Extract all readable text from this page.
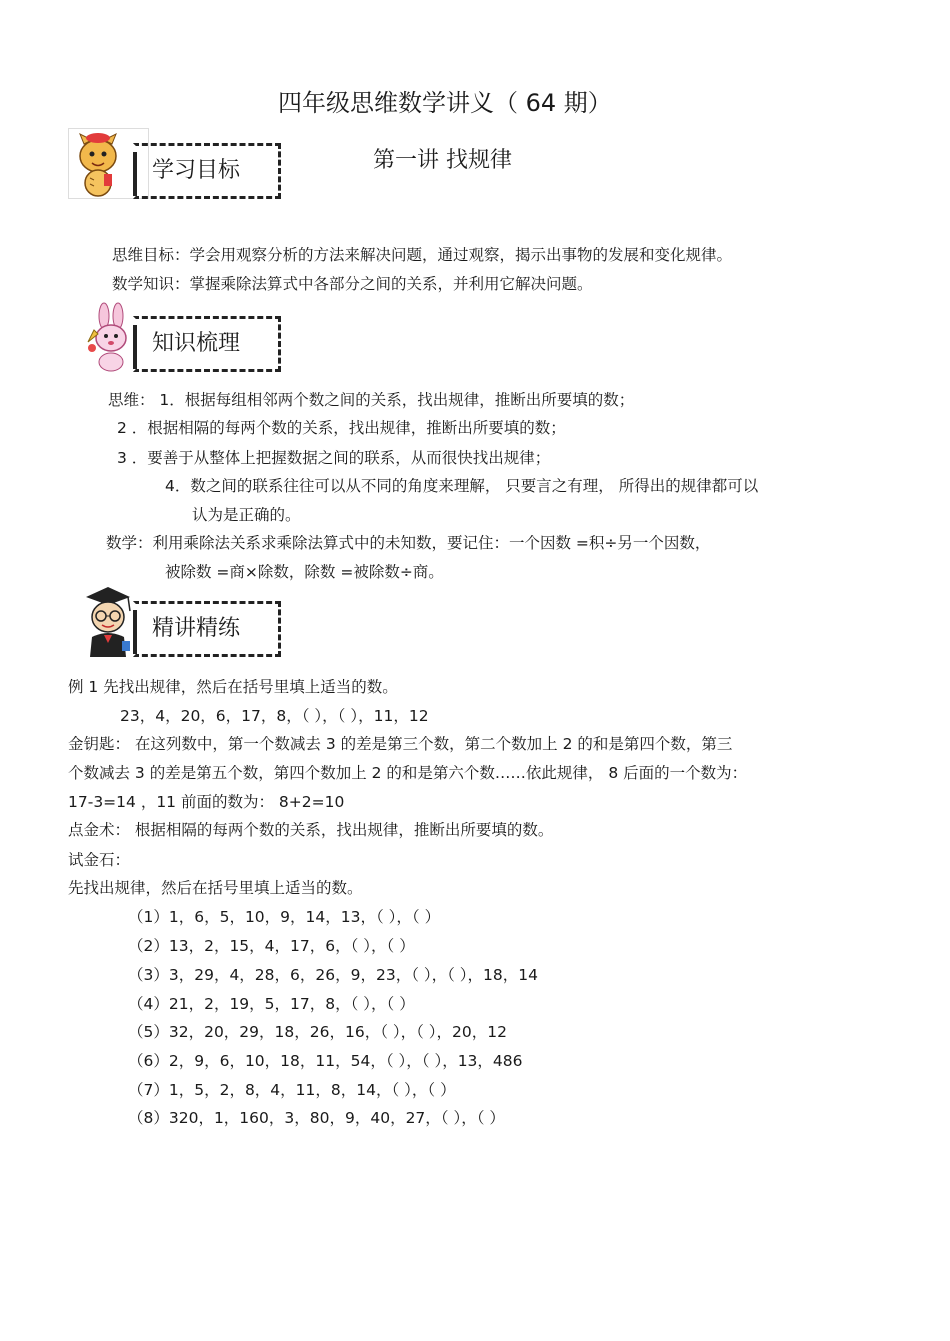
四年级思维数学讲义（ 64 期）
学习目标	第一讲 找规律
思维目标：学会用观察分析的方法来解决问题，通过观察，揭示出事物的发展和变化规律。
数学知识：掌握乘除法算式中各部分之间的关系，并利用它解决问题。
知识梳理
思维： 1．根据每组相邻两个数之间的关系，找出规律，推断出所要填的数；
2 ．根据相隔的每两个数的关系，找出规律，推断出所要填的数；
3 ．要善于从整体上把握数据之间的联系，从而很快找出规律；
4．数之间的联系往往可以从不同的角度来理解， 只要言之有理， 所得出的规律都可以
认为是正确的。
数学：利用乘除法关系求乘除法算式中的未知数，要记住：一个因数 =积÷另一个因数，
被除数 =商×除数，除数 =被除数÷商。
精讲精练
例 1 先找出规律，然后在括号里填上适当的数。
23，4，20，6，17，8，（ ），（ ），11，12
金钥匙： 在这列数中，第一个数减去 3 的差是第三个数，第二个数加上 2 的和是第四个数，第三
个数减去 3 的差是第五个数，第四个数加上 2 的和是第六个数……依此规律， 8 后面的一个数为：
17-3=14 ，11 前面的数为： 8+2=10
点金术： 根据相隔的每两个数的关系，找出规律，推断出所要填的数。
试金石：
先找出规律，然后在括号里填上适当的数。
（1）1，6，5，10，9，14，13，（ ），（ ）
（2）13，2，15，4，17，6，（ ），（ ）
（3）3，29，4，28，6，26，9，23，（ ），（ ），18，14
（4）21，2，19，5，17，8，（ ），（ ）
（5）32，20，29，18，26，16，（ ），（ ），20，12
（6）2，9，6，10，18，11，54，（ ），（ ），13，486
（7）1，5，2，8，4，11，8，14，（ ），（ ）
（8）320，1，160，3，80，9，40，27，（ ），（ ）
